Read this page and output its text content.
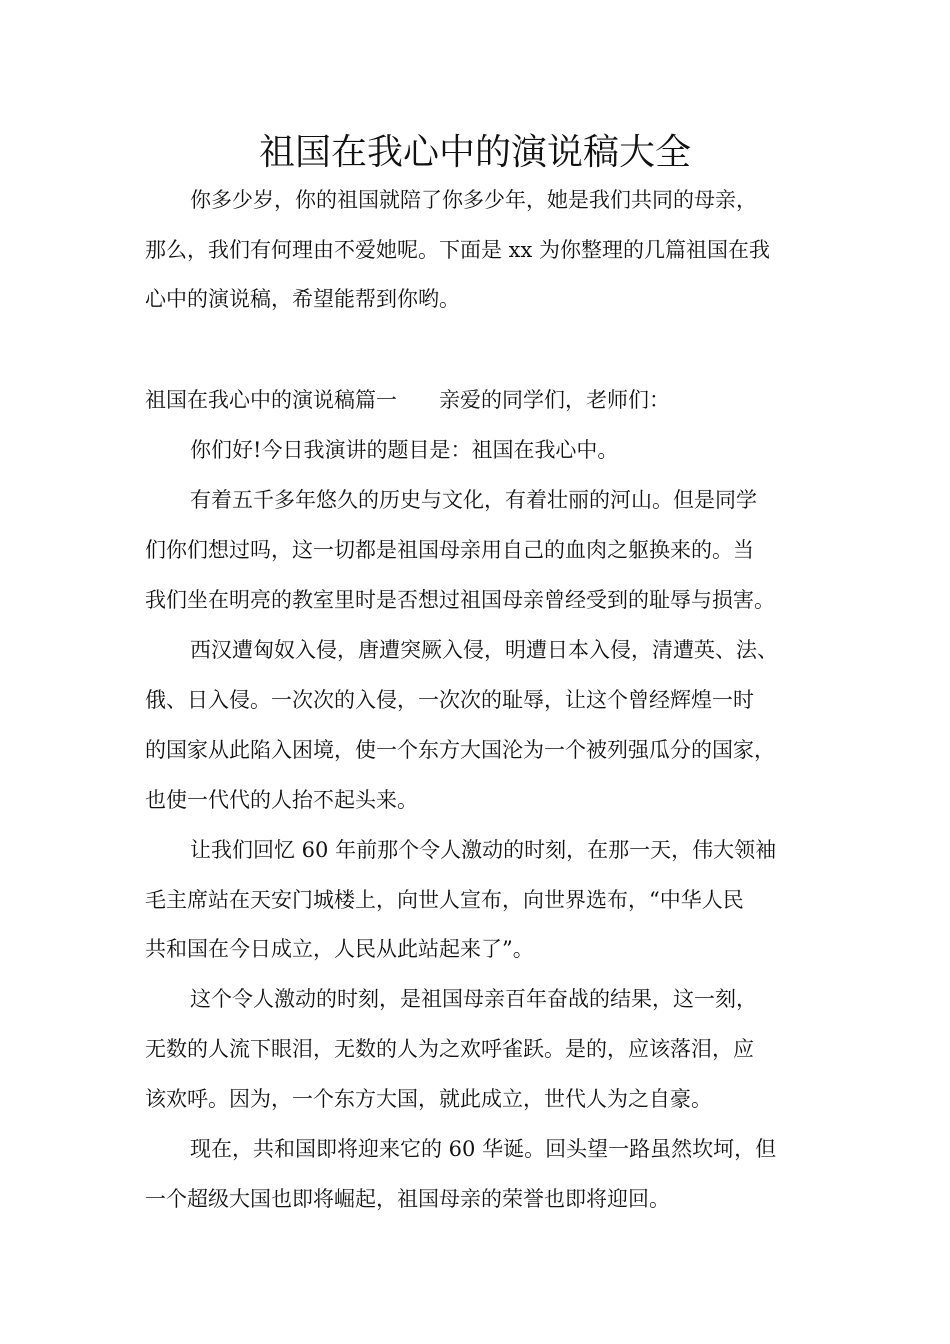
祖国在我心中的演说稿大全
你多少岁，你的祖国就陪了你多少年，她是我们共同的母亲，
那么，我们有何理由不爱她呢。下面是 xx 为你整理的几篇祖国在我
心中的演说稿，希望能帮到你哟。
祖国在我心中的演说稿篇一　　亲爱的同学们，老师们：
你们好!今日我演讲的题目是：祖国在我心中。
有着五千多年悠久的历史与文化，有着壮丽的河山。但是同学
们你们想过吗，这一切都是祖国母亲用自己的血肉之躯换来的。当
我们坐在明亮的教室里时是否想过祖国母亲曾经受到的耻辱与损害。
西汉遭匈奴入侵，唐遭突厥入侵，明遭日本入侵，清遭英、法、
俄、日入侵。一次次的入侵，一次次的耻辱，让这个曾经辉煌一时
的国家从此陷入困境，使一个东方大国沦为一个被列强瓜分的国家，
也使一代代的人抬不起头来。
让我们回忆 60 年前那个令人激动的时刻，在那一天，伟大领袖
毛主席站在天安门城楼上，向世人宣布，向世界选布，“中华人民
共和国在今日成立，人民从此站起来了”。
这个令人激动的时刻，是祖国母亲百年奋战的结果，这一刻，
无数的人流下眼泪，无数的人为之欢呼雀跃。是的，应该落泪，应
该欢呼。因为，一个东方大国，就此成立，世代人为之自豪。
现在，共和国即将迎来它的 60 华诞。回头望一路虽然坎坷，但
一个超级大国也即将崛起，祖国母亲的荣誉也即将迎回。
